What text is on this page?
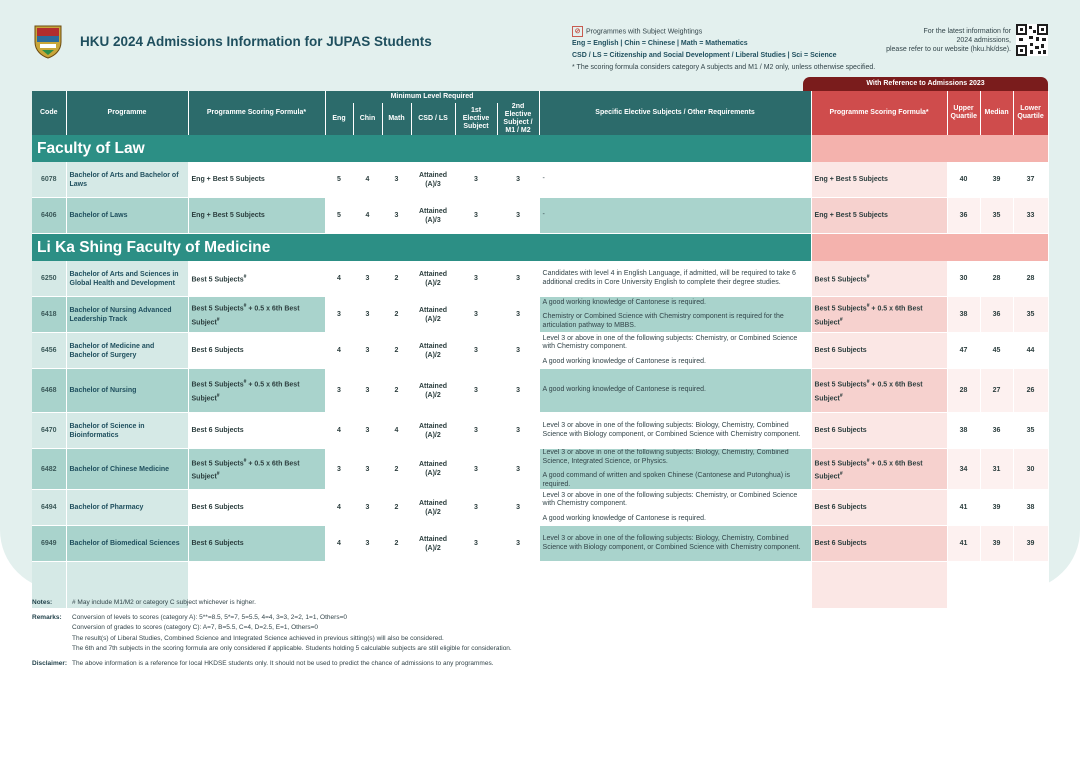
HKU 2024 Admissions Information for JUPAS Students
⊘ Programmes with Subject Weightings
Eng = English | Chin = Chinese | Math = Mathematics
CSD / LS = Citizenship and Social Development / Liberal Studies | Sci = Science
* The scoring formula considers category A subjects and M1 / M2 only, unless otherwise specified.
For the latest information for
2024 admissions,
please refer to our website (hku.hk/dse).
With Reference to Admissions 2023
Code	Programme	Programme Scoring Formula*	Minimum Level Required						Specific Elective Subjects / Other Requirements	Programme Scoring Formula*	Upper Quartile	Median	Lower Quartile
			Eng	Chin	Math	CSD / LS	1st Elective Subject	2nd Elective Subject / M1 / M2					
Faculty of Law													
6078	Bachelor of Arts and Bachelor of Laws	Eng + Best 5 Subjects	5	4	3	Attained (A)/3	3	3	-	Eng + Best 5 Subjects	40	39	37
6406	Bachelor of Laws	Eng + Best 5 Subjects	5	4	3	Attained (A)/3	3	3	-	Eng + Best 5 Subjects	36	35	33
Li Ka Shing Faculty of Medicine													
6250	Bachelor of Arts and Sciences in Global Health and Development	Best 5 Subjects#	4	3	2	Attained (A)/2	3	3	Candidates with level 4 in English Language, if admitted, will be required to take 6 additional credits in Core University English to complete their degree studies.	Best 5 Subjects#	30	28	28
6418	Bachelor of Nursing Advanced Leadership Track	Best 5 Subjects# + 0.5 x 6th Best Subject#	3	3	2	Attained (A)/2	3	3	A good working knowledge of Cantonese is required.

Chemistry or Combined Science with Chemistry component is required for the articulation pathway to MBBS.	Best 5 Subjects# + 0.5 x 6th Best Subject#	38	36	35
6456	Bachelor of Medicine and Bachelor of Surgery	Best 6 Subjects	4	3	2	Attained (A)/2	3	3	Level 3 or above in one of the following subjects: Chemistry, or Combined Science with Chemistry component.

A good working knowledge of Cantonese is required.	Best 6 Subjects	47	45	44
6468	Bachelor of Nursing	Best 5 Subjects# + 0.5 x 6th Best Subject#	3	3	2	Attained (A)/2	3	3	A good working knowledge of Cantonese is required.	Best 5 Subjects# + 0.5 x 6th Best Subject#	28	27	26
6470	Bachelor of Science in Bioinformatics	Best 6 Subjects	4	3	4	Attained (A)/2	3	3	Level 3 or above in one of the following subjects: Biology, Chemistry, Combined Science with Biology component, or Combined Science with Chemistry component.	Best 6 Subjects	38	36	35
6482	Bachelor of Chinese Medicine	Best 5 Subjects# + 0.5 x 6th Best Subject#	3	3	2	Attained (A)/2	3	3	Level 3 or above in one of the following subjects: Biology, Chemistry, Combined Science, Integrated Science, or Physics.

A good command of written and spoken Chinese (Cantonese and Putonghua) is required.	Best 5 Subjects# + 0.5 x 6th Best Subject#	34	31	30
6494	Bachelor of Pharmacy	Best 6 Subjects	4	3	2	Attained (A)/2	3	3	Level 3 or above in one of the following subjects: Chemistry, or Combined Science with Chemistry component.

A good working knowledge of Cantonese is required.	Best 6 Subjects	41	39	38
6949	Bachelor of Biomedical Sciences	Best 6 Subjects	4	3	2	Attained (A)/2	3	3	Level 3 or above in one of the following subjects: Biology, Chemistry, Combined Science with Biology component, or Combined Science with Chemistry component.	Best 6 Subjects	41	39	39

Notes:	# May include M1/M2 or category C subject whichever is higher.
Remarks:	Conversion of levels to scores (category A): 5**=8.5, 5*=7, 5=5.5, 4=4, 3=3, 2=2, 1=1, Others=0
Conversion of grades to scores (category C): A=7, B=5.5, C=4, D=2.5, E=1, Others=0
The result(s) of Liberal Studies, Combined Science and Integrated Science achieved in previous sitting(s) will also be considered.
The 6th and 7th subjects in the scoring formula are only considered if applicable. Students holding 5 calculable subjects are still eligible for consideration.
Disclaimer: The above information is a reference for local HKDSE students only. It should not be used to predict the chance of admissions to any programmes.
